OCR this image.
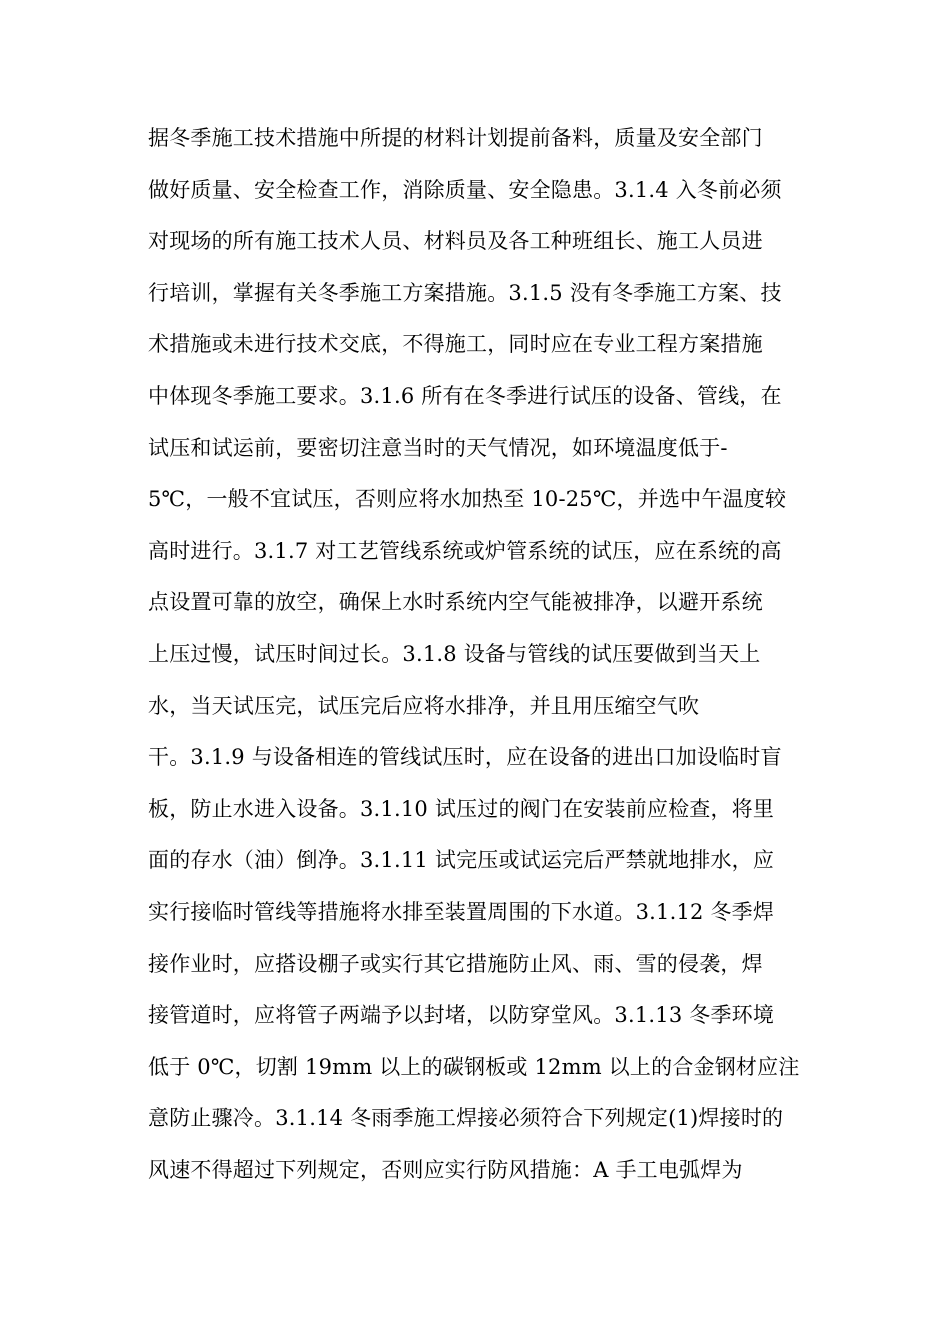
据冬季施工技术措施中所提的材料计划提前备料，质量及安全部门
做好质量、安全检查工作，消除质量、安全隐患。3.1.4 入冬前必须
对现场的所有施工技术人员、材料员及各工种班组长、施工人员进
行培训，掌握有关冬季施工方案措施。3.1.5 没有冬季施工方案、技
术措施或未进行技术交底，不得施工，同时应在专业工程方案措施
中体现冬季施工要求。3.1.6 所有在冬季进行试压的设备、管线，在
试压和试运前，要密切注意当时的天气情况，如环境温度低于-
5℃，一般不宜试压，否则应将水加热至 10-25℃，并选中午温度较
高时进行。3.1.7 对工艺管线系统或炉管系统的试压，应在系统的高
点设置可靠的放空，确保上水时系统内空气能被排净，以避开系统
上压过慢，试压时间过长。3.1.8 设备与管线的试压要做到当天上
水，当天试压完，试压完后应将水排净，并且用压缩空气吹
干。3.1.9 与设备相连的管线试压时，应在设备的进出口加设临时盲
板，防止水进入设备。3.1.10 试压过的阀门在安装前应检查，将里
面的存水（油）倒净。3.1.11 试完压或试运完后严禁就地排水，应
实行接临时管线等措施将水排至装置周围的下水道。3.1.12 冬季焊
接作业时，应搭设棚子或实行其它措施防止风、雨、雪的侵袭，焊
接管道时，应将管子两端予以封堵，以防穿堂风。3.1.13 冬季环境
低于 0℃，切割 19mm 以上的碳钢板或 12mm 以上的合金钢材应注
意防止骤冷。3.1.14 冬雨季施工焊接必须符合下列规定(1)焊接时的
风速不得超过下列规定，否则应实行防风措施：A 手工电弧焊为
